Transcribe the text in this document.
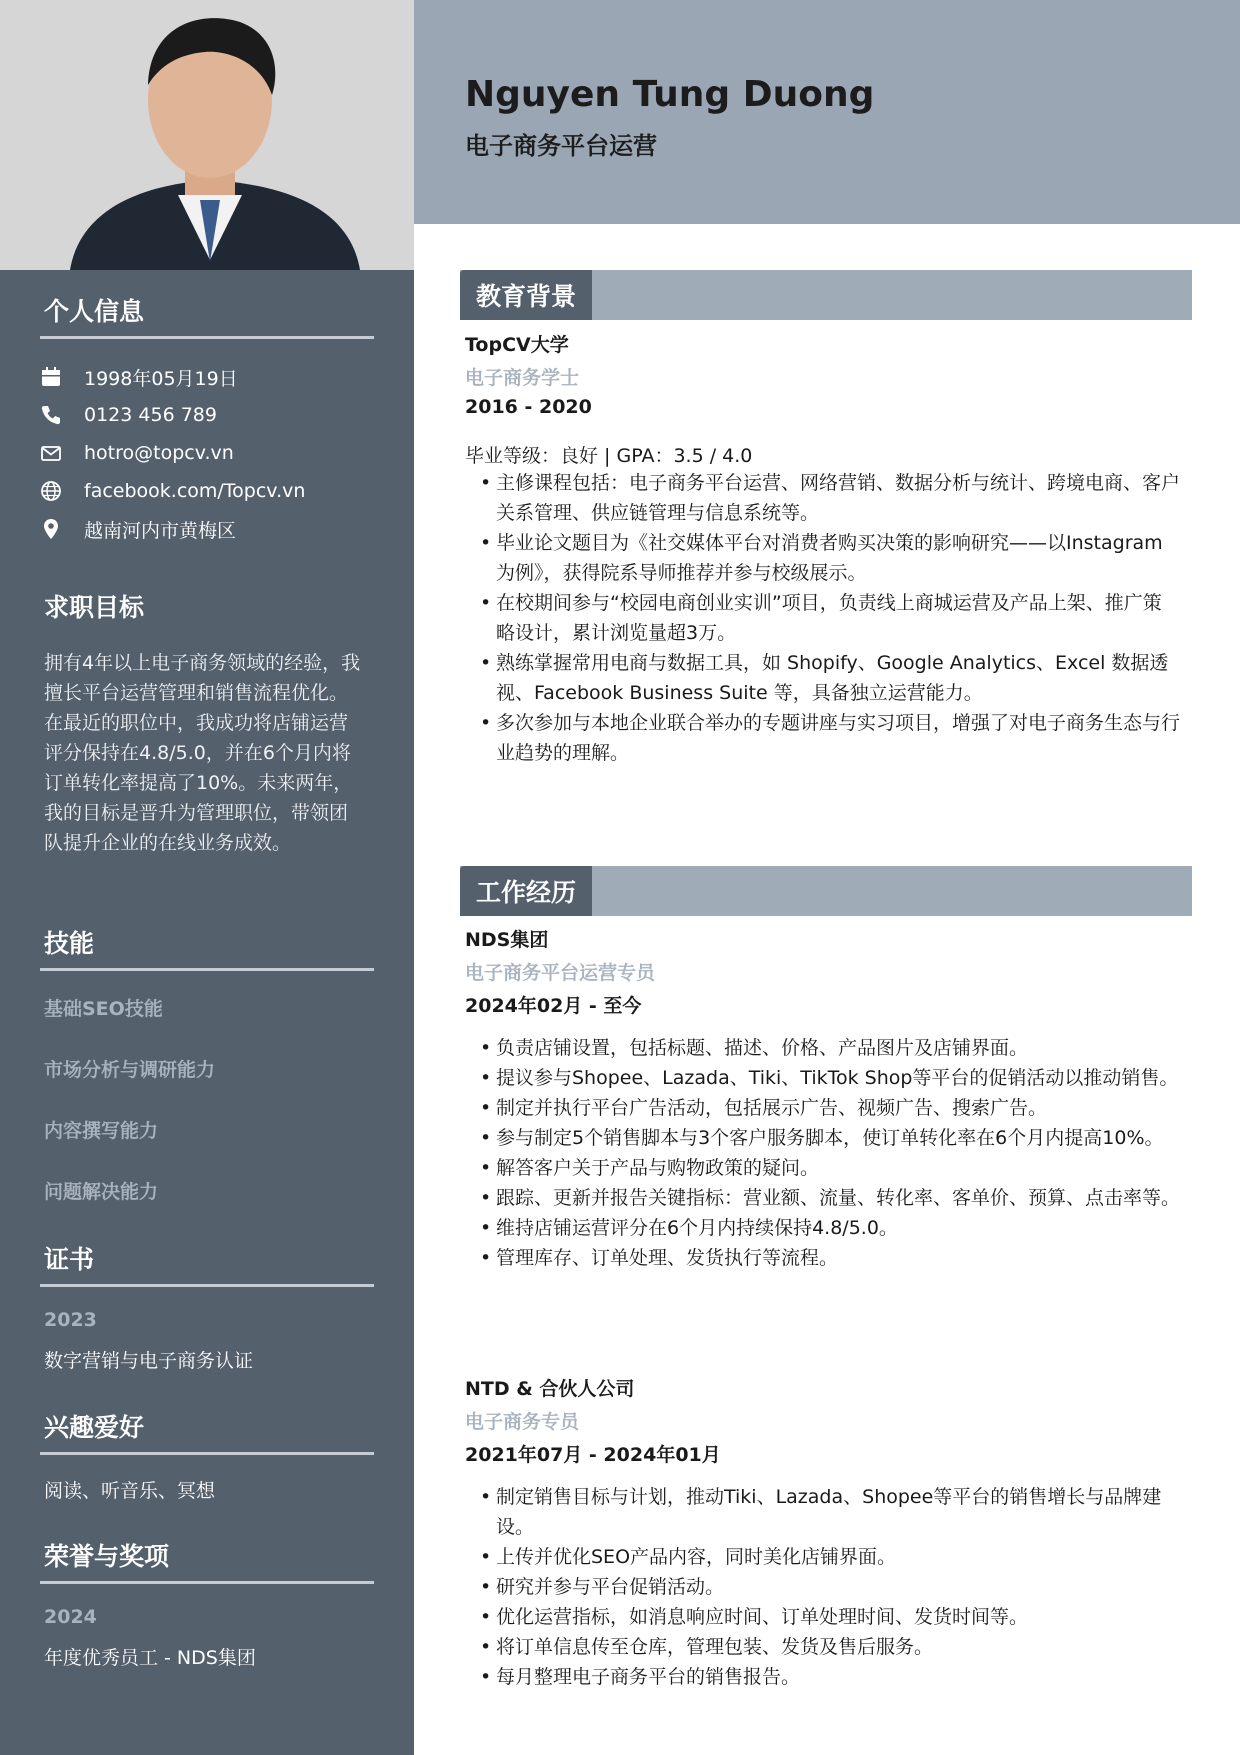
Nguyen Tung Duong
电子商务平台运营
个人信息
1998年05月19日
0123 456 789
hotro@topcv.vn
facebook.com/Topcv.vn
越南河内市黄梅区
求职目标
拥有4年以上电子商务领域的经验，我擅长平台运营管理和销售流程优化。在最近的职位中，我成功将店铺运营评分保持在4.8/5.0，并在6个月内将订单转化率提高了10%。未来两年，我的目标是晋升为管理职位，带领团队提升企业的在线业务成效。
技能
基础SEO技能
市场分析与调研能力
内容撰写能力
问题解决能力
证书
2023
数字营销与电子商务认证
兴趣爱好
阅读、听音乐、冥想
荣誉与奖项
2024
年度优秀员工 - NDS集团
教育背景
TopCV大学
电子商务学士
2016 - 2020
毕业等级：良好 | GPA：3.5 / 4.0
• 主修课程包括：电子商务平台运营、网络营销、数据分析与统计、跨境电商、客户关系管理、供应链管理与信息系统等。
• 毕业论文题目为《社交媒体平台对消费者购买决策的影响研究——以Instagram为例》，获得院系导师推荐并参与校级展示。
• 在校期间参与“校园电商创业实训”项目，负责线上商城运营及产品上架、推广策略设计，累计浏览量超3万。
• 熟练掌握常用电商与数据工具，如 Shopify、Google Analytics、Excel 数据透视、Facebook Business Suite 等，具备独立运营能力。
• 多次参加与本地企业联合举办的专题讲座与实习项目，增强了对电子商务生态与行业趋势的理解。
工作经历
NDS集团
电子商务平台运营专员
2024年02月 - 至今
• 负责店铺设置，包括标题、描述、价格、产品图片及店铺界面。
• 提议参与Shopee、Lazada、Tiki、TikTok Shop等平台的促销活动以推动销售。
• 制定并执行平台广告活动，包括展示广告、视频广告、搜索广告。
• 参与制定5个销售脚本与3个客户服务脚本，使订单转化率在6个月内提高10%。
• 解答客户关于产品与购物政策的疑问。
• 跟踪、更新并报告关键指标：营业额、流量、转化率、客单价、预算、点击率等。
• 维持店铺运营评分在6个月内持续保持4.8/5.0。
• 管理库存、订单处理、发货执行等流程。
NTD & 合伙人公司
电子商务专员
2021年07月 - 2024年01月
• 制定销售目标与计划，推动Tiki、Lazada、Shopee等平台的销售增长与品牌建设。
• 上传并优化SEO产品内容，同时美化店铺界面。
• 研究并参与平台促销活动。
• 优化运营指标，如消息响应时间、订单处理时间、发货时间等。
• 将订单信息传至仓库，管理包装、发货及售后服务。
• 每月整理电子商务平台的销售报告。
